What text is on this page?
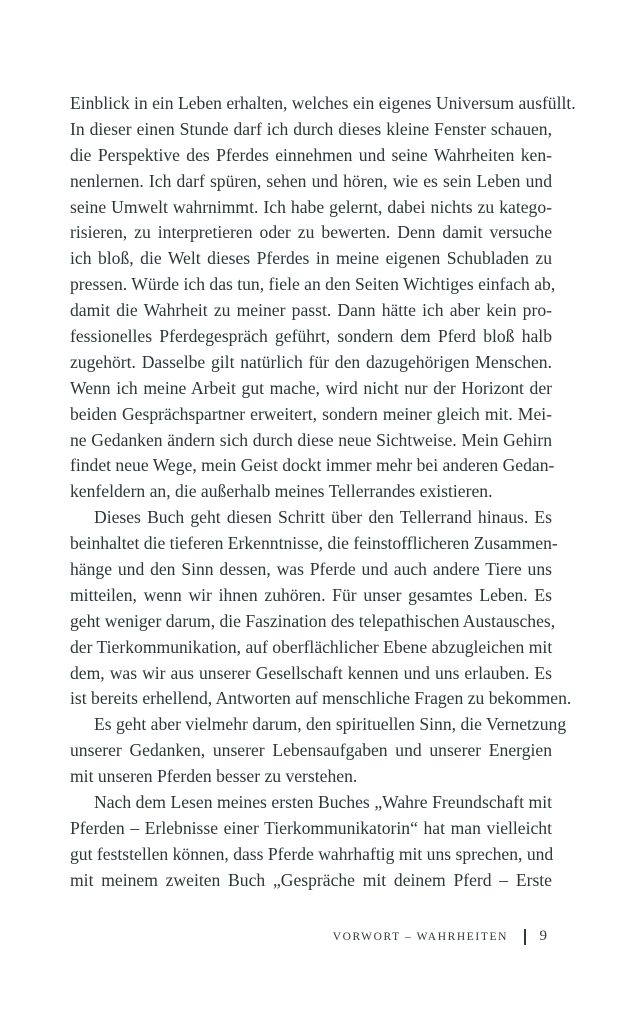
Einblick in ein Leben erhalten, welches ein eigenes Universum ausfüllt.
In dieser einen Stunde darf ich durch dieses kleine Fenster schauen,
die Perspektive des Pferdes einnehmen und seine Wahrheiten ken-
nenlernen. Ich darf spüren, sehen und hören, wie es sein Leben und
seine Umwelt wahrnimmt. Ich habe gelernt, dabei nichts zu katego-
risieren, zu interpretieren oder zu bewerten. Denn damit versuche
ich bloß, die Welt dieses Pferdes in meine eigenen Schubladen zu
pressen. Würde ich das tun, fiele an den Seiten Wichtiges einfach ab,
damit die Wahrheit zu meiner passt. Dann hätte ich aber kein pro-
fessionelles Pferdegespräch geführt, sondern dem Pferd bloß halb
zugehört. Dasselbe gilt natürlich für den dazugehörigen Menschen.
Wenn ich meine Arbeit gut mache, wird nicht nur der Horizont der
beiden Gesprächspartner erweitert, sondern meiner gleich mit. Mei-
ne Gedanken ändern sich durch diese neue Sichtweise. Mein Gehirn
findet neue Wege, mein Geist dockt immer mehr bei anderen Gedan-
kenfeldern an, die außerhalb meines Tellerrandes existieren.
Dieses Buch geht diesen Schritt über den Tellerrand hinaus. Es
beinhaltet die tieferen Erkenntnisse, die feinstofflicheren Zusammen-
hänge und den Sinn dessen, was Pferde und auch andere Tiere uns
mitteilen, wenn wir ihnen zuhören. Für unser gesamtes Leben. Es
geht weniger darum, die Faszination des telepathischen Austausches,
der Tierkommunikation, auf oberflächlicher Ebene abzugleichen mit
dem, was wir aus unserer Gesellschaft kennen und uns erlauben. Es
ist bereits erhellend, Antworten auf menschliche Fragen zu bekommen.
Es geht aber vielmehr darum, den spirituellen Sinn, die Vernetzung
unserer Gedanken, unserer Lebensaufgaben und unserer Energien
mit unseren Pferden besser zu verstehen.
Nach dem Lesen meines ersten Buches „Wahre Freundschaft mit
Pferden – Erlebnisse einer Tierkommunikatorin“ hat man vielleicht
gut feststellen können, dass Pferde wahrhaftig mit uns sprechen, und
mit meinem zweiten Buch „Gespräche mit deinem Pferd – Erste
VORWORT – WAHRHEITEN 9
